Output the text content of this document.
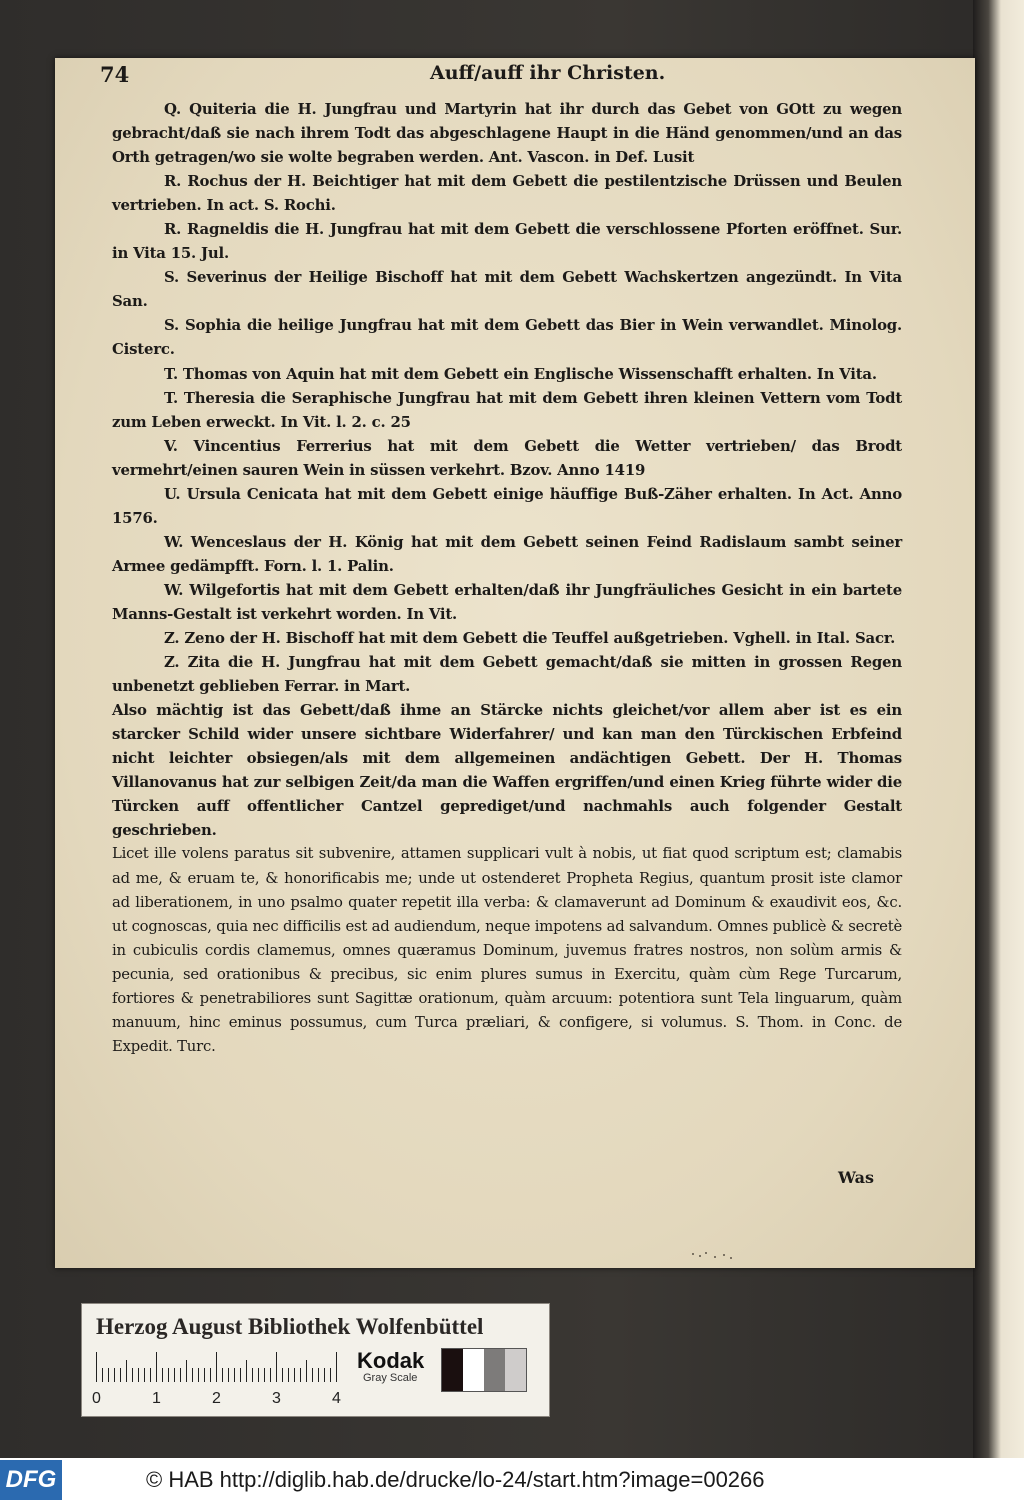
74	Auff/auff ihr Christen.

Q. Quiteria die H. Jungfrau und Martyrin hat ihr durch das Gebet von GOtt zu wegen gebracht/daß sie nach ihrem Todt das abgeschlagene Haupt in die Händ genommen/und an das Orth getragen/wo sie wolte begraben werden. Ant. Vascon. in Def. Lusit

R. Rochus der H. Beichtiger hat mit dem Gebett die pestilentzische Drüssen und Beulen vertrieben. In act. S. Rochi.

R. Ragneldis die H. Jungfrau hat mit dem Gebett die verschlossene Pforten eröffnet. Sur. in Vita 15. Jul.

S. Severinus der Heilige Bischoff hat mit dem Gebett Wachskertzen angezündt. In Vita San.

S. Sophia die heilige Jungfrau hat mit dem Gebett das Bier in Wein verwandlet. Minolog. Cisterc.

T. Thomas von Aquin hat mit dem Gebett ein Englische Wissenschafft erhalten. In Vita.

T. Theresia die Seraphische Jungfrau hat mit dem Gebett ihren kleinen Vettern vom Todt zum Leben erweckt. In Vit. l. 2. c. 25

V. Vincentius Ferrerius hat mit dem Gebett die Wetter vertrieben/ das Brodt vermehrt/einen sauren Wein in süssen verkehrt. Bzov. Anno 1419

U. Ursula Cenicata hat mit dem Gebett einige häuffige Buß-Zäher erhalten. In Act. Anno 1576.

W. Wenceslaus der H. König hat mit dem Gebett seinen Feind Radislaum sambt seiner Armee gedämpfft. Forn. l. 1. Palin.

W. Wilgefortis hat mit dem Gebett erhalten/daß ihr Jungfräuliches Gesicht in ein bartete Manns-Gestalt ist verkehrt worden. In Vit.

Z. Zeno der H. Bischoff hat mit dem Gebett die Teuffel außgetrieben. Vghell. in Ital. Sacr.

Z. Zita die H. Jungfrau hat mit dem Gebett gemacht/daß sie mitten in grossen Regen unbenetzt geblieben Ferrar. in Mart.

Also mächtig ist das Gebett/daß ihme an Stärcke nichts gleichet/vor allem aber ist es ein starcker Schild wider unsere sichtbare Widerfahrer/ und kan man den Türckischen Erbfeind nicht leichter obsiegen/als mit dem allgemeinen andächtigen Gebett. Der H. Thomas Villanovanus hat zur selbigen Zeit/da man die Waffen ergriffen/und einen Krieg führte wider die Türcken auff offentlicher Cantzel geprediget/und nachmahls auch folgender Gestalt geschrieben.

Licet ille volens paratus sit subvenire, attamen supplicari vult à nobis, ut fiat quod scriptum est; clamabis ad me, & eruam te, & honorificabis me; unde ut ostenderet Propheta Regius, quantum prosit iste clamor ad liberationem, in uno psalmo quater repetit illa verba: & clamaverunt ad Dominum & exaudivit eos, &c. ut cognoscas, quia nec difficilis est ad audiendum, neque impotens ad salvandum. Omnes publicè & secretè in cubiculis cordis clamemus, omnes quæramus Dominum, juvemus fratres nostros, non solùm armis & pecunia, sed orationibus & precibus, sic enim plures sumus in Exercitu, quàm cùm Rege Turcarum, fortiores & penetrabiliores sunt Sagittæ orationum, quàm arcuum: potentiora sunt Tela linguarum, quàm manuum, hinc eminus possumus, cum Turca præliari, & configere, si volumus. S. Thom. in Conc. de Expedit. Turc.

Was
Herzog August Bibliothek Wolfenbüttel
0	1	2	3	4
Kodak
Gray Scale
DFG	© HAB http://diglib.hab.de/drucke/lo-24/start.htm?image=00266
